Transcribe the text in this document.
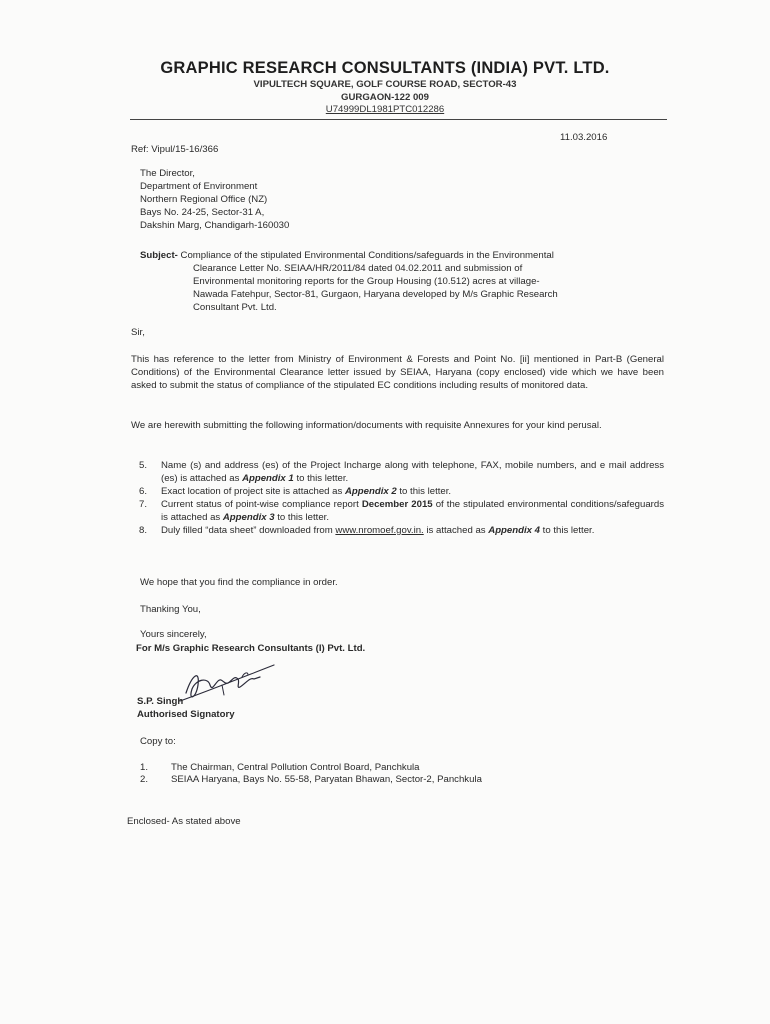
GRAPHIC RESEARCH CONSULTANTS (INDIA) PVT. LTD.
VIPULTECH SQUARE, GOLF COURSE ROAD, SECTOR-43
GURGAON-122 009
U74999DL1981PTC012286
11.03.2016
Ref: Vipul/15-16/366
The Director,
Department of Environment
Northern Regional Office (NZ)
Bays No. 24-25, Sector-31 A,
Dakshin Marg, Chandigarh-160030
Subject- Compliance of the stipulated Environmental Conditions/safeguards in the Environmental
Clearance Letter No. SEIAA/HR/2011/84 dated 04.02.2011 and submission of
Environmental monitoring reports for the Group Housing (10.512) acres at village-
Nawada Fatehpur, Sector-81, Gurgaon, Haryana developed by M/s Graphic Research
Consultant Pvt. Ltd.
Sir,
This has reference to the letter from Ministry of Environment & Forests and Point No. [ii] mentioned in Part-B (General Conditions) of the Environmental Clearance letter issued by SEIAA, Haryana (copy enclosed) vide which we have been asked to submit the status of compliance of the stipulated EC conditions including results of monitored data.
We are herewith submitting the following information/documents with requisite Annexures for your kind perusal.
5. Name (s) and address (es) of the Project Incharge along with telephone, FAX, mobile numbers, and e mail address (es) is attached as Appendix 1 to this letter.
6. Exact location of project site is attached as Appendix 2 to this letter.
7. Current status of point-wise compliance report December 2015 of the stipulated environmental conditions/safeguards is attached as Appendix 3 to this letter.
8. Duly filled “data sheet” downloaded from www.nromoef.gov.in. is attached as Appendix 4 to this letter.
We hope that you find the compliance in order.
Thanking You,
Yours sincerely,
For M/s Graphic Research Consultants (I) Pvt. Ltd.
S.P. Singh
Authorised Signatory
Copy to:
1. The Chairman, Central Pollution Control Board, Panchkula
2. SEIAA Haryana, Bays No. 55-58, Paryatan Bhawan, Sector-2, Panchkula
Enclosed- As stated above
